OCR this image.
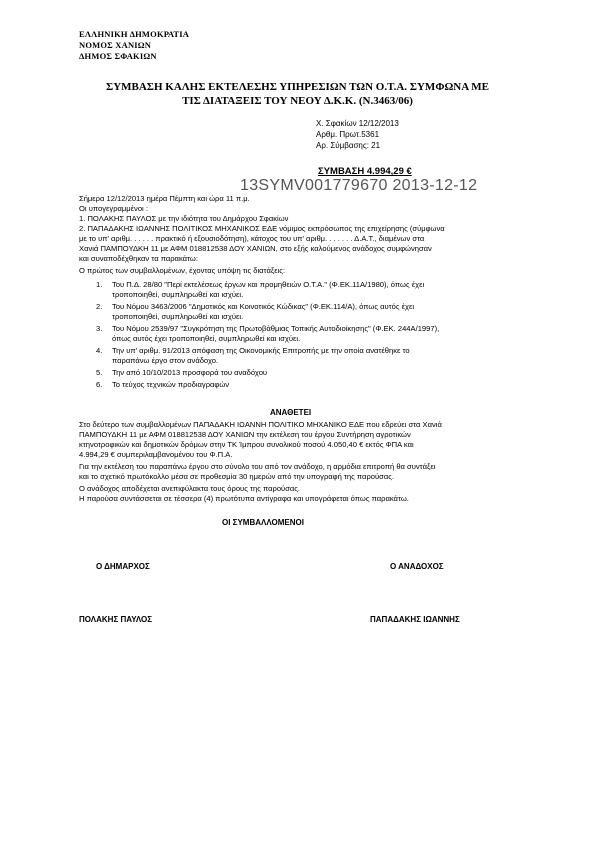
ΕΛΛΗΝΙΚΗ ΔΗΜΟΚΡΑΤΙΑ
ΝΟΜΟΣ ΧΑΝΙΩΝ
ΔΗΜΟΣ ΣΦΑΚΙΩΝ
ΣΥΜΒΑΣΗ ΚΑΛΗΣ ΕΚΤΕΛΕΣΗΣ ΥΠΗΡΕΣΙΩΝ ΤΩΝ Ο.Τ.Α. ΣΥΜΦΩΝΑ ΜΕ
ΤΙΣ ΔΙΑΤΑΞΕΙΣ ΤΟΥ ΝΕΟΥ Δ.Κ.Κ. (Ν.3463/06)
Χ. Σφακίων 12/12/2013
Αρθμ. Πρωτ.5361
Αρ. Σύμβασης: 21
ΣΥΜΒΑΣΗ 4.994,29 €
13SYMV001779670 2013-12-12
Σήμερα 12/12/2013 ημέρα Πέμπτη και ώρα 11 π.μ.
Οι υπογεγραμμένοι :
1. ΠΟΛΑΚΗΣ ΠΑΥΛΟΣ με την ιδιότητα του Δημάρχου Σφακίων
2. ΠΑΠΑΔΑΚΗΣ ΙΩΑΝΝΗΣ ΠΟΛΙΤΙΚΟΣ ΜΗΧΑΝΙΚΟΣ ΕΔΕ νόμιμος εκπρόσωπος της επιχείρησης (σύμφωνα
με το υπ' αριθμ. . . . . . πρακτικό ή εξουσιοδότηση), κάτοχος του υπ' αριθμ. . . . . . . Δ.Α.Τ., διαμένων στα
Χανιά ΠΑΜΠΟΥΔΚΗ 11 με ΑΦΜ 018812538 ΔΟΥ ΧΑΝΙΩΝ, στο εξής καλούμενος ανάδοχος συμφώνησαν
και συναποδέχθηκαν τα παρακάτω:
Ο πρώτος των συμβαλλομένων, έχοντας υπόψη τις διατάξεις:
1. Του Π.Δ. 28/80 "Περί εκτελέσεως έργων και προμηθειών Ο.Τ.Α." (Φ.ΕΚ.11Α/1980), όπως έχει
τροποποιηθεί, συμπληρωθεί και ισχύει.
2. Του Νόμου 3463/2006 "Δημοτικός και Κοινοτικός Κώδικας" (Φ.ΕΚ.114/Α), όπως αυτός έχει
τροποποιηθεί, συμπληρωθεί και ισχύει.
3. Του Νόμου 2539/97 "Συγκρότηση της Πρωτοβάθμιας Τοπικής Αυτοδιοίκησης" (Φ.ΕΚ. 244Α/1997),
όπως αυτός έχει τροποποιηθεί, συμπληρωθεί και ισχύει.
4. Την υπ' αριθμ. 91/2013 απόφαση της Οικονομικής Επιτροπής με την οποία ανατέθηκε το
παραπάνω έργο στον ανάδοχο.
5. Την από 10/10/2013 προσφορά του αναδόχου
6. Το τεύχος τεχνικών προδιαγραφών
ΑΝΑΘΕΤΕΙ
Στο δεύτερο των συμβαλλομένων ΠΑΠΑΔΑΚΗ ΙΩΑΝΝΗ ΠΟΛΙΤΙΚΟ ΜΗΧΑΝΙΚΟ ΕΔΕ που εδρεύει στα Χανιά
ΠΑΜΠΟΥΔΚΗ 11 με ΑΦΜ 018812538 ΔΟΥ ΧΑΝΙΩΝ την εκτέλεση του έργου Συντήρηση αγροτικών
κτηνοτροφικών και δημοτικών δρόμων στην ΤΚ Ίμπρου συνολικού ποσού 4.050,40 € εκτός ΦΠΑ και
4.994,29 € συμπεριλαμβανομένου του Φ.Π.Α.
Για την εκτέλεση του παραπάνω έργου στο σύνολο του από τον ανάδοχο, η αρμόδια επιτροπή θα συντάξει
και το σχετικό πρωτόκολλο μέσα σε προθεσμία 30 ημερών από την υπογραφή της παρούσας.
Ο ανάδοχος αποδέχεται ανεπιφύλακτα τους όρους της παρούσας.
Η παρούσα συντάσσεται σε τέσσερα (4) πρωτότυπα αντίγραφα και υπογράφεται όπως παρακάτω.
ΟΙ ΣΥΜΒΑΛΛΟΜΕΝΟΙ
Ο ΔΗΜΑΡΧΟΣ	Ο ΑΝΑΔΟΧΟΣ
ΠΟΛΑΚΗΣ ΠΑΥΛΟΣ	ΠΑΠΑΔΑΚΗΣ ΙΩΑΝΝΗΣ
